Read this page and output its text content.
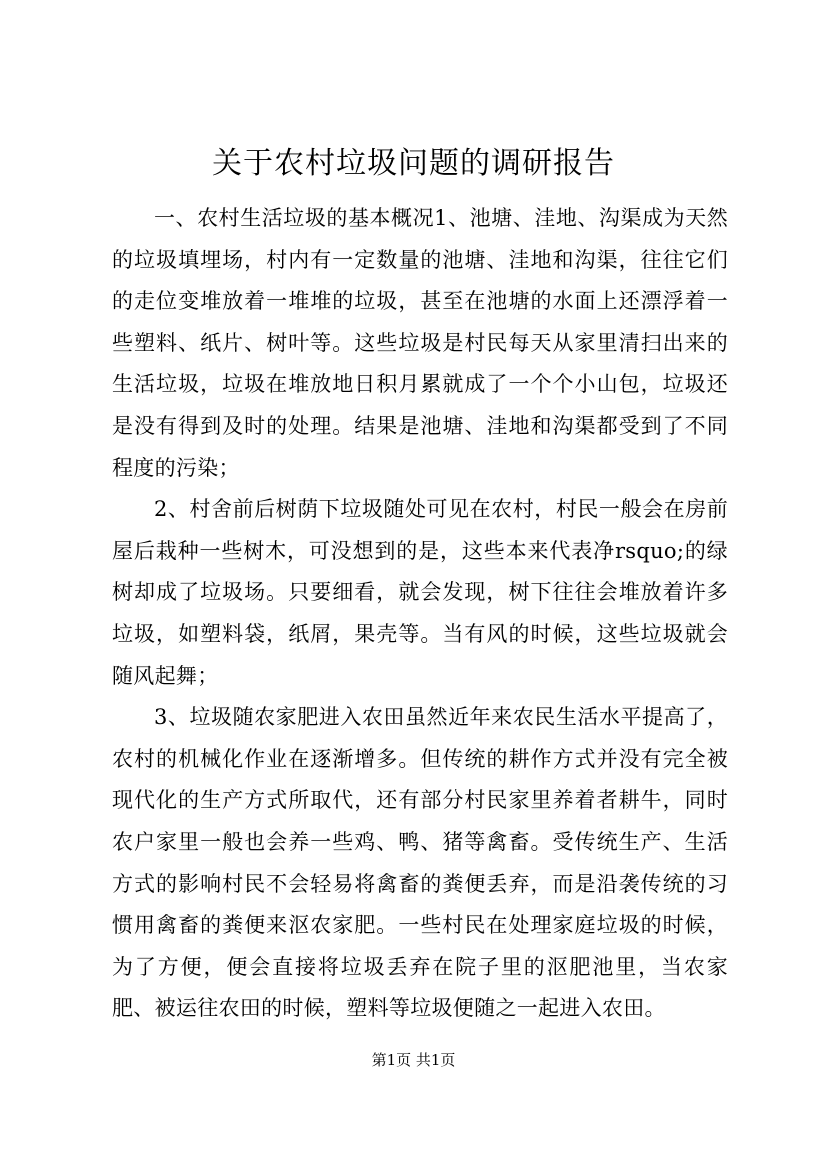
关于农村垃圾问题的调研报告

一、农村生活垃圾的基本概况1、池塘、洼地、沟渠成为天然的垃圾填埋场，村内有一定数量的池塘、洼地和沟渠，往往它们的走位变堆放着一堆堆的垃圾，甚至在池塘的水面上还漂浮着一些塑料、纸片、树叶等。这些垃圾是村民每天从家里清扫出来的生活垃圾，垃圾在堆放地日积月累就成了一个个小山包，垃圾还是没有得到及时的处理。结果是池塘、洼地和沟渠都受到了不同程度的污染；

2、村舍前后树荫下垃圾随处可见在农村，村民一般会在房前屋后栽种一些树木，可没想到的是，这些本来代表净rsquo;的绿树却成了垃圾场。只要细看，就会发现，树下往往会堆放着许多垃圾，如塑料袋，纸屑，果壳等。当有风的时候，这些垃圾就会随风起舞；

3、垃圾随农家肥进入农田虽然近年来农民生活水平提高了，农村的机械化作业在逐渐增多。但传统的耕作方式并没有完全被现代化的生产方式所取代，还有部分村民家里养着者耕牛，同时农户家里一般也会养一些鸡、鸭、猪等禽畜。受传统生产、生活方式的影响村民不会轻易将禽畜的粪便丢弃，而是沿袭传统的习惯用禽畜的粪便来沤农家肥。一些村民在处理家庭垃圾的时候，为了方便，便会直接将垃圾丢弃在院子里的沤肥池里，当农家肥、被运往农田的时候，塑料等垃圾便随之一起进入农田。

第1页 共1页
